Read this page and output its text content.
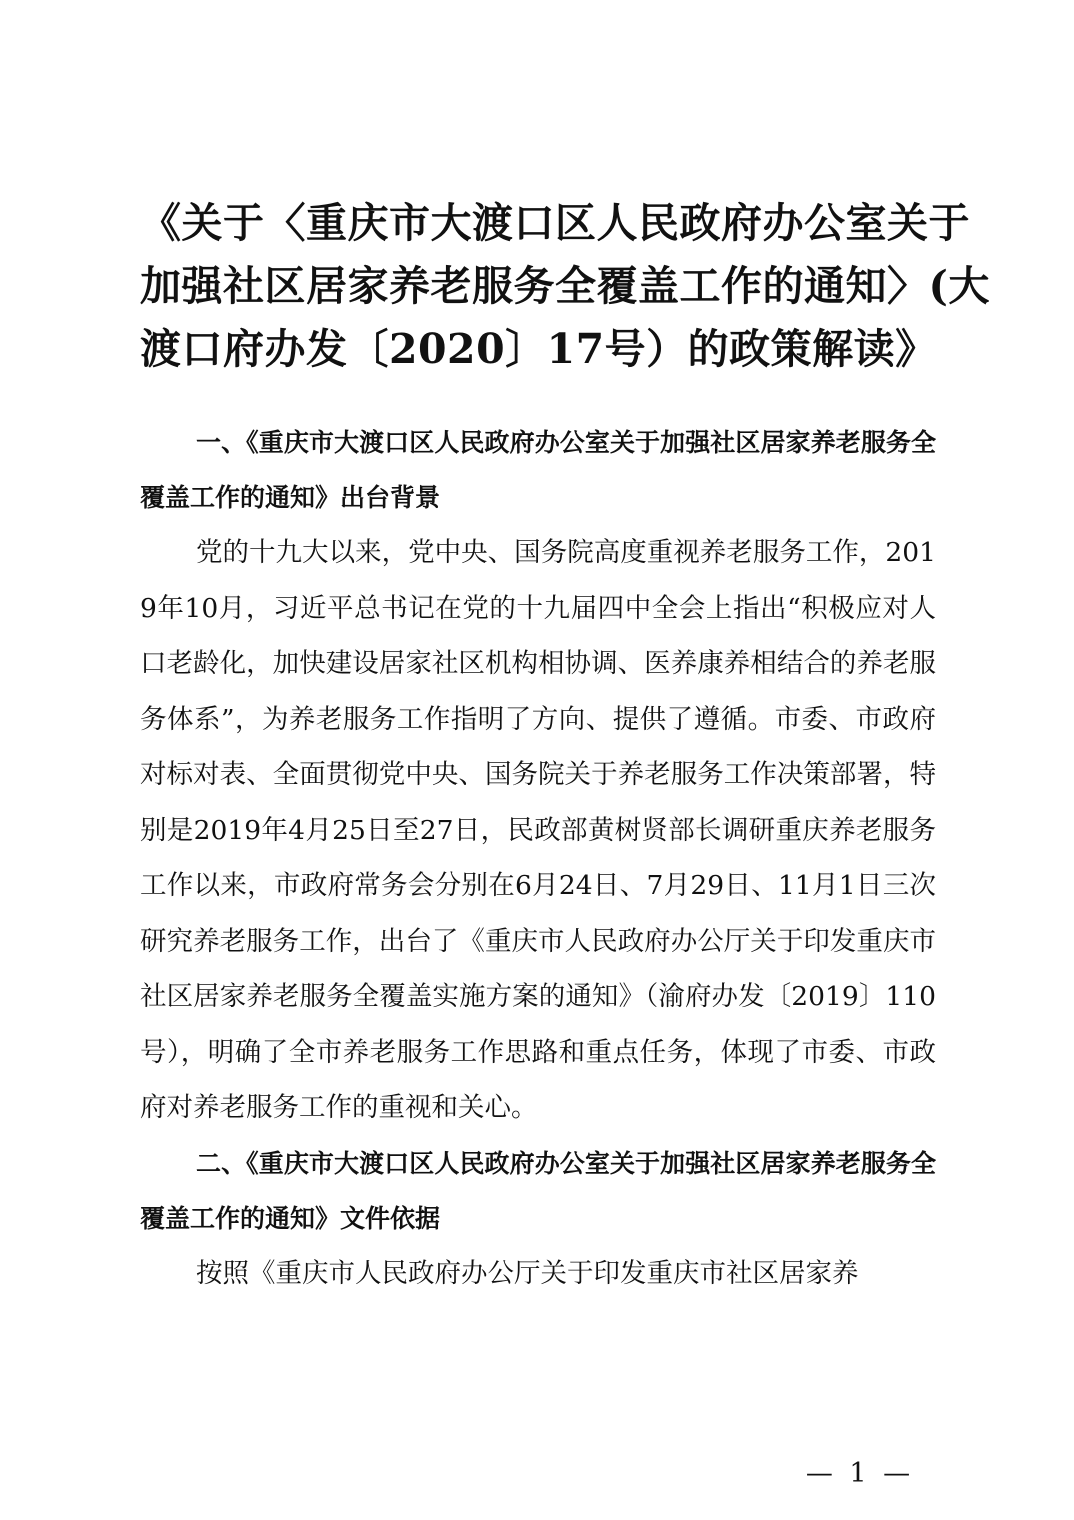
《关于〈重庆市大渡口区人民政府办公室关于
加强社区居家养老服务全覆盖工作的通知〉(大
渡口府办发〔2020〕17号）的政策解读》

一、《重庆市大渡口区人民政府办公室关于加强社区居家养老服务全覆盖工作的通知》出台背景

党的十九大以来，党中央、国务院高度重视养老服务工作，2019年10月，习近平总书记在党的十九届四中全会上指出“积极应对人口老龄化，加快建设居家社区机构相协调、医养康养相结合的养老服务体系”，为养老服务工作指明了方向、提供了遵循。市委、市政府对标对表、全面贯彻党中央、国务院关于养老服务工作决策部署，特别是2019年4月25日至27日，民政部黄树贤部长调研重庆养老服务工作以来，市政府常务会分别在6月24日、7月29日、11月1日三次研究养老服务工作，出台了《重庆市人民政府办公厅关于印发重庆市社区居家养老服务全覆盖实施方案的通知》（渝府办发〔2019〕110号），明确了全市养老服务工作思路和重点任务，体现了市委、市政府对养老服务工作的重视和关心。

二、《重庆市大渡口区人民政府办公室关于加强社区居家养老服务全覆盖工作的通知》文件依据

按照《重庆市人民政府办公厅关于印发重庆市社区居家养

— 1 —
